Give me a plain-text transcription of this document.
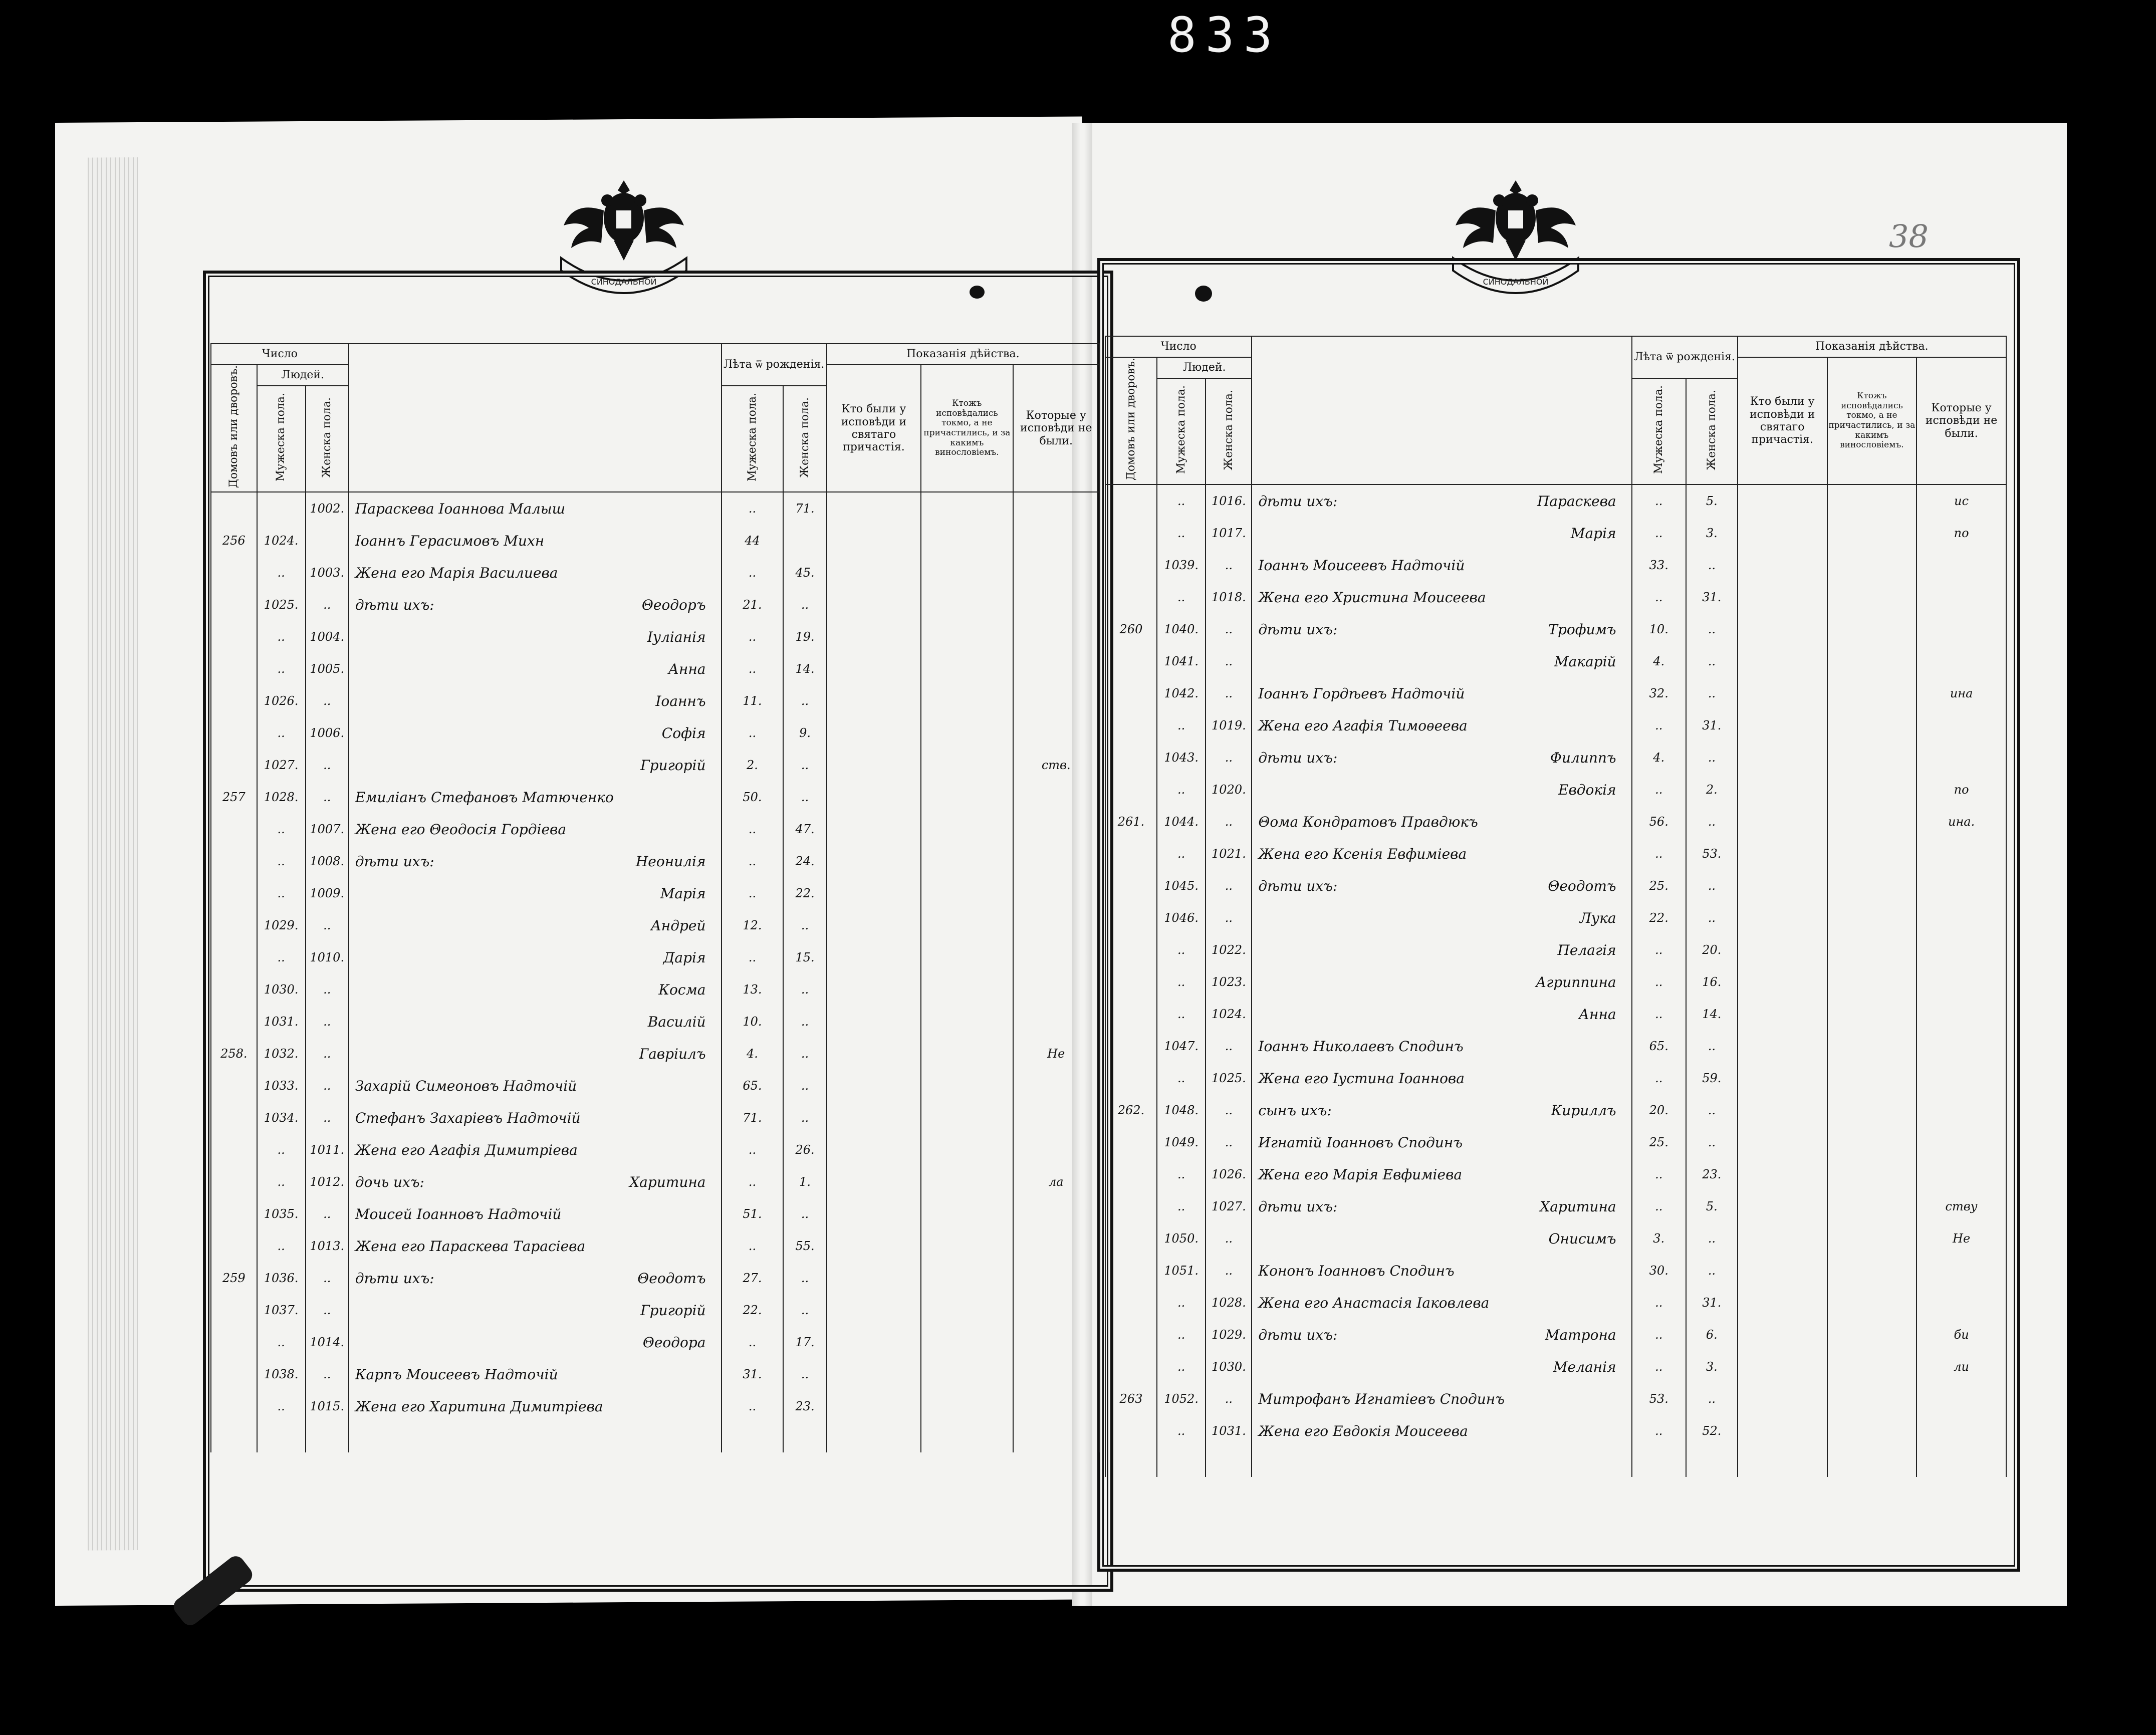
833
СИНОДАЛЬНОЙ	СИНОДАЛЬНОЙ
38
Число				Лѣта ѿ рожденія.		Показанія дѣйства.		
Домовъ или дворовъ.	Людей.					Кто были у исповѣди и святаго причастія.	Ктожъ исповѣдались токмо, а не причастились, и за какимъ винословіемъ.	Которые у исповѣди не были.
	Мужеска пола.	Женска пола.		Мужеска пола.	Женска пола.			
		1002.	Параскева Іоаннова Малыш	..	71.			
256	1024.		Іоаннъ Герасимовъ Михн	44				
	..	1003.	Жена его Марія Василиева	..	45.			
	1025.	..	дѣти ихъ: Θеодоръ	21.	..			
	..	1004.	Іуліанія	..	19.			
	..	1005.	Анна	..	14.			
	1026.	..	Іоаннъ	11.	..			
	..	1006.	Софія	..	9.			
	1027.	..	Григорій	2.	..			ств.
257	1028.	..	Емиліанъ Стефановъ Матюченко	50.	..			
	..	1007.	Жена его Θеодосія Гордіева	..	47.			
	..	1008.	дѣти ихъ: Неонилія	..	24.			
	..	1009.	Марія	..	22.			
	1029.	..	Андрей	12.	..			
	..	1010.	Дарія	..	15.			
	1030.	..	Косма	13.	..			
	1031.	..	Василій	10.	..			
258.	1032.	..	Гавріилъ	4.	..			Не
	1033.	..	Захарій Симеоновъ Надточій	65.	..			
	1034.	..	Стефанъ Захаріевъ Надточій	71.	..			
	..	1011.	Жена его Агафія Димитріева	..	26.			
	..	1012.	дочь ихъ: Харитина	..	1.			ла
	1035.	..	Моисей Іоанновъ Надточій	51.	..			
	..	1013.	Жена его Параскева Тарасіева	..	55.			
259	1036.	..	дѣти ихъ: Θеодотъ	27.	..			
	1037.	..	Григорій	22.	..			
	..	1014.	Θеодора	..	17.			
	1038.	..	Карпъ Моисеевъ Надточій	31.	..			
	..	1015.	Жена его Харитина Димитріева	..	23.			

Число				Лѣта ѿ рожденія.		Показанія дѣйства.		
Домовъ или дворовъ.	Людей.					Кто были у исповѣди и святаго причастія.	Ктожъ исповѣдались токмо, а не причастились, и за какимъ винословіемъ.	Которые у исповѣди не были.
	Мужеска пола.	Женска пола.		Мужеска пола.	Женска пола.			
	..	1016.	дѣти ихъ: Параскева	..	5.			ис
	..	1017.	Марія	..	3.			по
	1039.	..	Іоаннъ Моисеевъ Надточій	33.	..			
	..	1018.	Жена его Христина Моисеева	..	31.			
260	1040.	..	дѣти ихъ: Трофимъ	10.	..			
	1041.	..	Макарій	4.	..			
	1042.	..	Іоаннъ Гордѣевъ Надточій	32.	..			ина
	..	1019.	Жена его Агафія Тимоѳеева	..	31.			
	1043.	..	дѣти ихъ: Филиппъ	4.	..			
	..	1020.	Евдокія	..	2.			по
261.	1044.	..	Θома Кондратовъ Правдюкъ	56.	..			ина.
	..	1021.	Жена его Ксенія Евфиміева	..	53.			
	1045.	..	дѣти ихъ: Θеодотъ	25.	..			
	1046.	..	Лука	22.	..			
	..	1022.	Пелагія	..	20.			
	..	1023.	Агриппина	..	16.			
	..	1024.	Анна	..	14.			
	1047.	..	Іоаннъ Николаевъ Сподинъ	65.	..			
	..	1025.	Жена его Іустина Іоаннова	..	59.			
262.	1048.	..	сынъ ихъ: Кириллъ	20.	..			
	1049.	..	Игнатій Іоанновъ Сподинъ	25.	..			
	..	1026.	Жена его Марія Евфиміева	..	23.			
	..	1027.	дѣти ихъ: Харитина	..	5.			ству
	1050.	..	Онисимъ	3.	..			Не
	1051.	..	Кононъ Іоанновъ Сподинъ	30.	..			
	..	1028.	Жена его Анастасія Іаковлева	..	31.			
	..	1029.	дѣти ихъ: Матрона	..	6.			би
	..	1030.	Меланія	..	3.			ли
263	1052.	..	Митрофанъ Игнатіевъ Сподинъ	53.	..			
	..	1031.	Жена его Евдокія Моисеева	..	52.			
